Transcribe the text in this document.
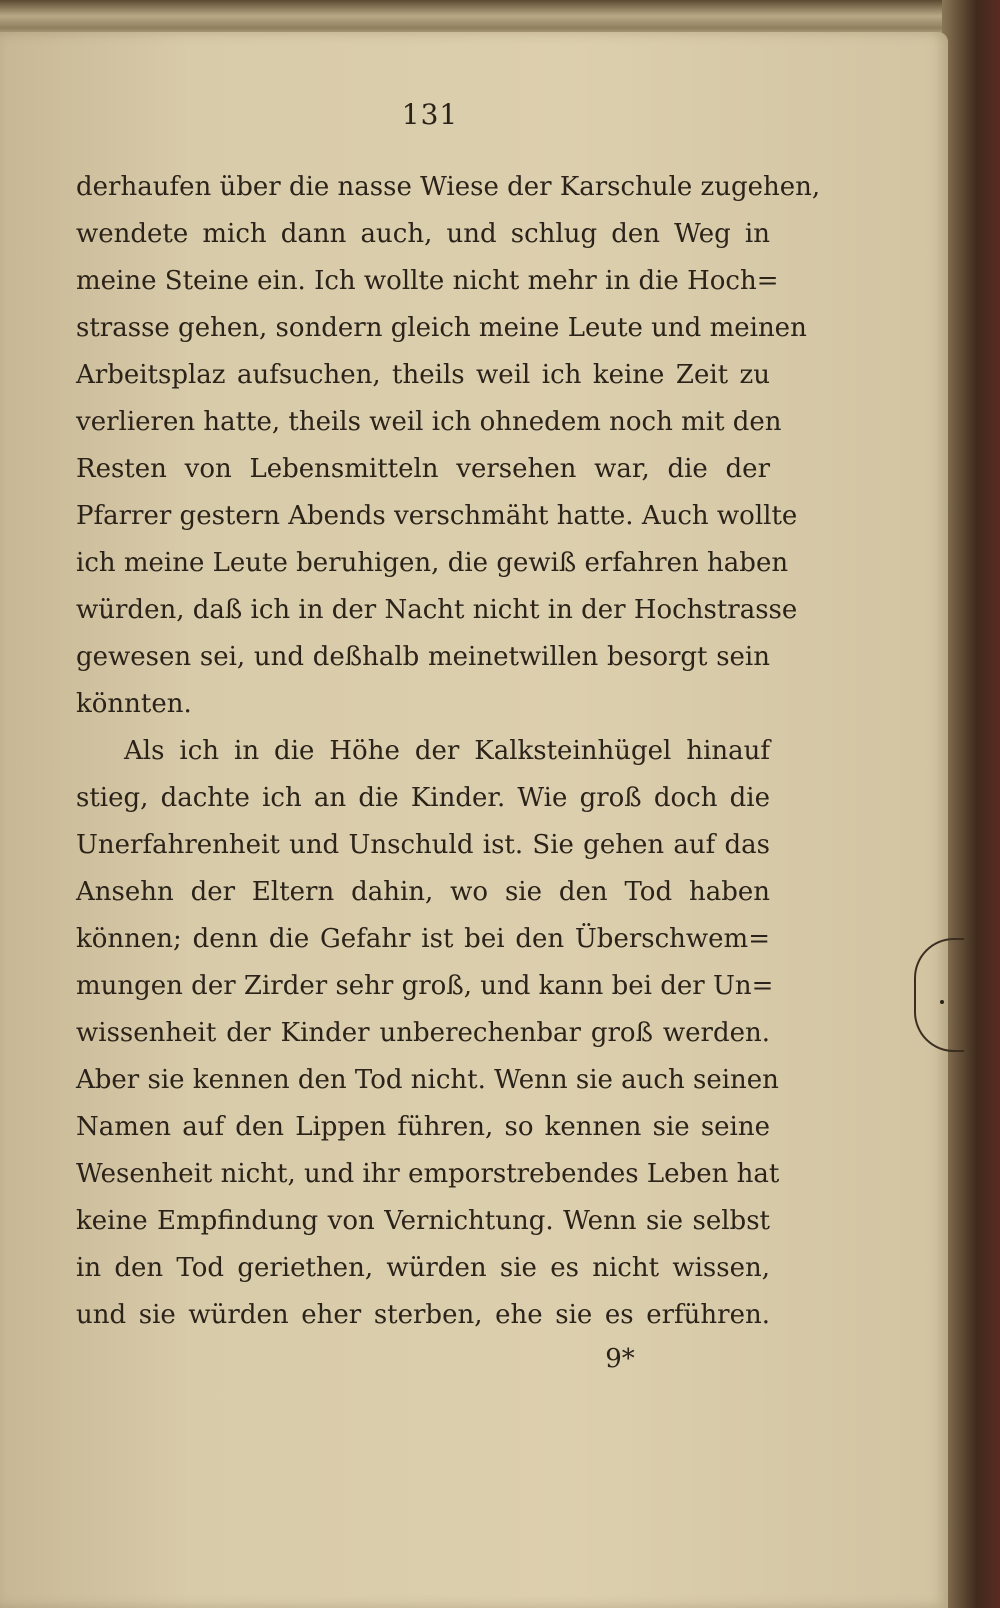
131
derhaufen über die nasse Wiese der Karschule zugehen,
wendete mich dann auch, und schlug den Weg in
meine Steine ein. Ich wollte nicht mehr in die Hoch=
strasse gehen, sondern gleich meine Leute und meinen
Arbeitsplaz aufsuchen, theils weil ich keine Zeit zu
verlieren hatte, theils weil ich ohnedem noch mit den
Resten von Lebensmitteln versehen war, die der
Pfarrer gestern Abends verschmäht hatte. Auch wollte
ich meine Leute beruhigen, die gewiß erfahren haben
würden, daß ich in der Nacht nicht in der Hochstrasse
gewesen sei, und deßhalb meinetwillen besorgt sein
könnten.
Als ich in die Höhe der Kalksteinhügel hinauf
stieg, dachte ich an die Kinder. Wie groß doch die
Unerfahrenheit und Unschuld ist. Sie gehen auf das
Ansehn der Eltern dahin, wo sie den Tod haben
können; denn die Gefahr ist bei den Überschwem=
mungen der Zirder sehr groß, und kann bei der Un=
wissenheit der Kinder unberechenbar groß werden.
Aber sie kennen den Tod nicht. Wenn sie auch seinen
Namen auf den Lippen führen, so kennen sie seine
Wesenheit nicht, und ihr emporstrebendes Leben hat
keine Empfindung von Vernichtung. Wenn sie selbst
in den Tod geriethen, würden sie es nicht wissen,
und sie würden eher sterben, ehe sie es erführen.
9*
